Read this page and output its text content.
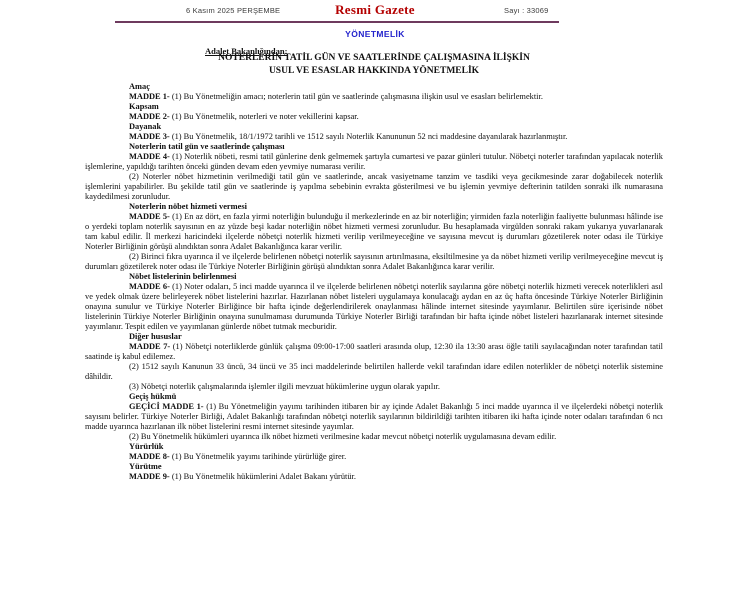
6 Kasım 2025 PERŞEMBE	Resmi Gazete	Sayı : 33069
YÖNETMELİK
Adalet Bakanlığından:
NOTERLERİN TATİL GÜN VE SAATLERİNDE ÇALIŞMASINA İLİŞKİN
USUL VE ESASLAR HAKKINDA YÖNETMELİK

Amaç

MADDE 1- (1) Bu Yönetmeliğin amacı; noterlerin tatil gün ve saatlerinde çalışmasına ilişkin usul ve esasları belirlemektir.

Kapsam

MADDE 2- (1) Bu Yönetmelik, noterleri ve noter vekillerini kapsar.

Dayanak

MADDE 3- (1) Bu Yönetmelik, 18/1/1972 tarihli ve 1512 sayılı Noterlik Kanununun 52 nci maddesine dayanılarak hazırlanmıştır.

Noterlerin tatil gün ve saatlerinde çalışması

MADDE 4- (1) Noterlik nöbeti, resmi tatil günlerine denk gelmemek şartıyla cumartesi ve pazar günleri tutulur. Nöbetçi noterler tarafından yapılacak noterlik işlemlerine, yapıldığı tarihten önceki günden devam eden yevmiye numarası verilir.

(2) Noterler nöbet hizmetinin verilmediği tatil gün ve saatlerinde, ancak vasiyetname tanzim ve tasdiki veya gecikmesinde zarar doğabilecek noterlik işlemlerini yapabilirler. Bu şekilde tatil gün ve saatlerinde iş yapılma sebebinin evrakta gösterilmesi ve bu işlemin yevmiye defterinin tatilden sonraki ilk numarasına kaydedilmesi zorunludur.

Noterlerin nöbet hizmeti vermesi

MADDE 5- (1) En az dört, en fazla yirmi noterliğin bulunduğu il merkezlerinde en az bir noterliğin; yirmiden fazla noterliğin faaliyette bulunması hâlinde ise o yerdeki toplam noterlik sayısının en az yüzde beşi kadar noterliğin nöbet hizmeti vermesi zorunludur. Bu hesaplamada virgülden sonraki rakam yukarıya yuvarlanarak tam kabul edilir. İl merkezi haricindeki ilçelerde nöbetçi noterlik hizmeti verilip verilmeyeceğine ve sayısına mevcut iş durumları gözetilerek noter odası ile Türkiye Noterler Birliğinin görüşü alındıktan sonra Adalet Bakanlığınca karar verilir.

(2) Birinci fıkra uyarınca il ve ilçelerde belirlenen nöbetçi noterlik sayısının artırılmasına, eksiltilmesine ya da nöbet hizmeti verilip verilmeyeceğine mevcut iş durumları gözetilerek noter odası ile Türkiye Noterler Birliğinin görüşü alındıktan sonra Adalet Bakanlığınca karar verilir.

Nöbet listelerinin belirlenmesi

MADDE 6- (1) Noter odaları, 5 inci madde uyarınca il ve ilçelerde belirlenen nöbetçi noterlik sayılarına göre nöbetçi noterlik hizmeti verecek noterlikleri asıl ve yedek olmak üzere belirleyerek nöbet listelerini hazırlar. Hazırlanan nöbet listeleri uygulamaya konulacağı aydan en az üç hafta öncesinde Türkiye Noterler Birliğinin onayına sunulur ve Türkiye Noterler Birliğince bir hafta içinde değerlendirilerek onaylanması hâlinde internet sitesinde yayımlanır. Belirtilen süre içerisinde nöbet listelerinin Türkiye Noterler Birliğinin onayına sunulmaması durumunda Türkiye Noterler Birliği tarafından bir hafta içinde nöbet listeleri hazırlanarak internet sitesinde yayımlanır. Tespit edilen ve yayımlanan günlerde nöbet tutmak mecburidir.

Diğer hususlar

MADDE 7- (1) Nöbetçi noterliklerde günlük çalışma 09:00-17:00 saatleri arasında olup, 12:30 ila 13:30 arası öğle tatili sayılacağından noter tarafından tatil saatinde iş kabul edilemez.

(2) 1512 sayılı Kanunun 33 üncü, 34 üncü ve 35 inci maddelerinde belirtilen hallerde vekil tarafından idare edilen noterlikler de nöbetçi noterlik sistemine dâhildir.

(3) Nöbetçi noterlik çalışmalarında işlemler ilgili mevzuat hükümlerine uygun olarak yapılır.

Geçiş hükmü

GEÇİCİ MADDE 1- (1) Bu Yönetmeliğin yayımı tarihinden itibaren bir ay içinde Adalet Bakanlığı 5 inci madde uyarınca il ve ilçelerdeki nöbetçi noterlik sayısını belirler. Türkiye Noterler Birliği, Adalet Bakanlığı tarafından nöbetçi noterlik sayılarının bildirildiği tarihten itibaren iki hafta içinde noter odaları tarafından 6 ncı madde uyarınca hazırlanan ilk nöbet listelerini resmi internet sitesinde yayımlar.

(2) Bu Yönetmelik hükümleri uyarınca ilk nöbet hizmeti verilmesine kadar mevcut nöbetçi noterlik uygulamasına devam edilir.

Yürürlük

MADDE 8- (1) Bu Yönetmelik yayımı tarihinde yürürlüğe girer.

Yürütme

MADDE 9- (1) Bu Yönetmelik hükümlerini Adalet Bakanı yürütür.
